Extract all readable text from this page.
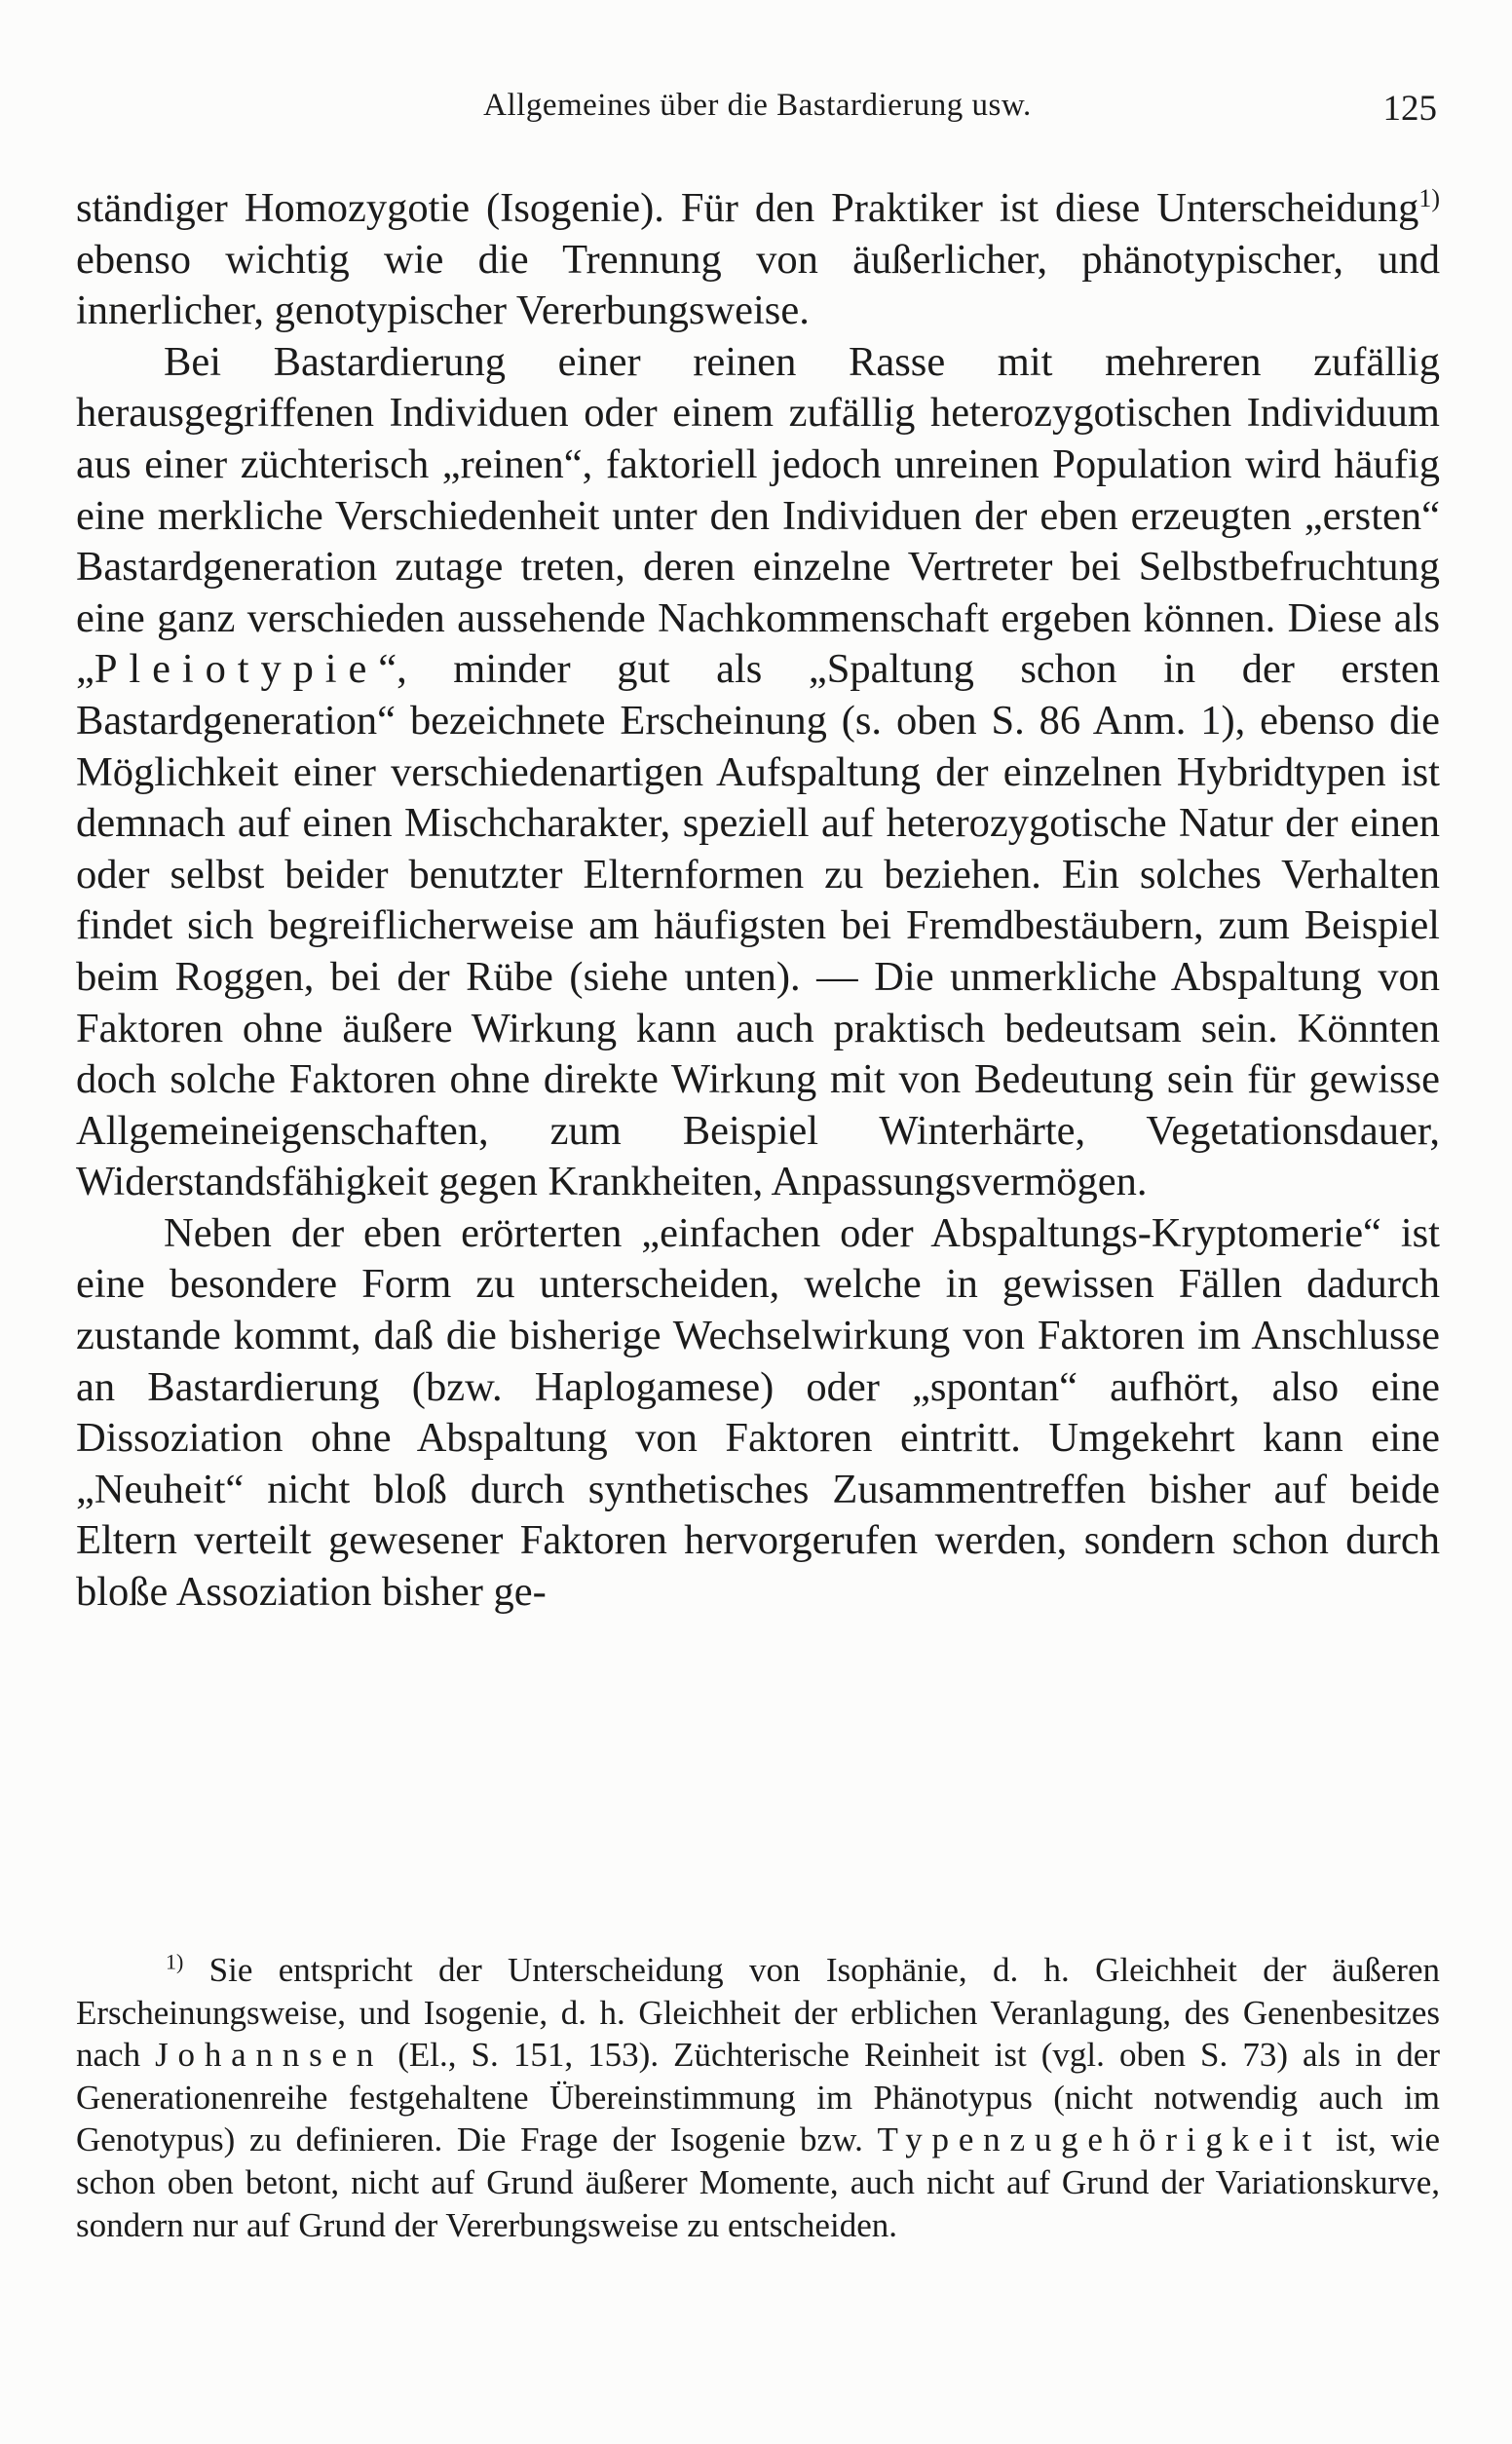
Allgemeines über die Bastardierung usw.	125

ständiger Homozygotie (Isogenie). Für den Praktiker ist diese Unterscheidung$^{1)}$ ebenso wichtig wie die Trennung von äußerlicher, phänotypischer, und innerlicher, genotypischer Vererbungsweise.

Bei Bastardierung einer reinen Rasse mit mehreren zufällig herausgegriffenen Individuen oder einem zufällig heterozygotischen Individuum aus einer züchterisch „reinen“, faktoriell jedoch unreinen Population wird häufig eine merkliche Verschiedenheit unter den Individuen der eben erzeugten „ersten“ Bastardgeneration zutage treten, deren einzelne Vertreter bei Selbstbefruchtung eine ganz verschieden aussehende Nachkommenschaft ergeben können. Diese als „Pleiotypie“, minder gut als „Spaltung schon in der ersten Bastardgeneration“ bezeichnete Erscheinung (s. oben S. 86 Anm. 1), ebenso die Möglichkeit einer verschiedenartigen Aufspaltung der einzelnen Hybridtypen ist demnach auf einen Mischcharakter, speziell auf heterozygotische Natur der einen oder selbst beider benutzter Elternformen zu beziehen. Ein solches Verhalten findet sich begreiflicherweise am häufigsten bei Fremdbestäubern, zum Beispiel beim Roggen, bei der Rübe (siehe unten). — Die unmerkliche Abspaltung von Faktoren ohne äußere Wirkung kann auch praktisch bedeutsam sein. Könnten doch solche Faktoren ohne direkte Wirkung mit von Bedeutung sein für gewisse Allgemeineigenschaften, zum Beispiel Winterhärte, Vegetationsdauer, Widerstandsfähigkeit gegen Krankheiten, Anpassungsvermögen.

Neben der eben erörterten „einfachen oder Abspaltungs-Kryptomerie“ ist eine besondere Form zu unterscheiden, welche in gewissen Fällen dadurch zustande kommt, daß die bisherige Wechselwirkung von Faktoren im Anschlusse an Bastardierung (bzw. Haplogamese) oder „spontan“ aufhört, also eine Dissoziation ohne Abspaltung von Faktoren eintritt. Umgekehrt kann eine „Neuheit“ nicht bloß durch synthetisches Zusammentreffen bisher auf beide Eltern verteilt gewesener Faktoren hervorgerufen werden, sondern schon durch bloße Assoziation bisher ge-

$^{1)}$ Sie entspricht der Unterscheidung von Isophänie, d. h. Gleichheit der äußeren Erscheinungsweise, und Isogenie, d. h. Gleichheit der erblichen Veranlagung, des Genenbesitzes nach Johannsen (El., S. 151, 153). Züchterische Reinheit ist (vgl. oben S. 73) als in der Generationenreihe festgehaltene Übereinstimmung im Phänotypus (nicht notwendig auch im Genotypus) zu definieren. Die Frage der Isogenie bzw. Typenzugehörigkeit ist, wie schon oben betont, nicht auf Grund äußerer Momente, auch nicht auf Grund der Variationskurve, sondern nur auf Grund der Vererbungsweise zu entscheiden.
